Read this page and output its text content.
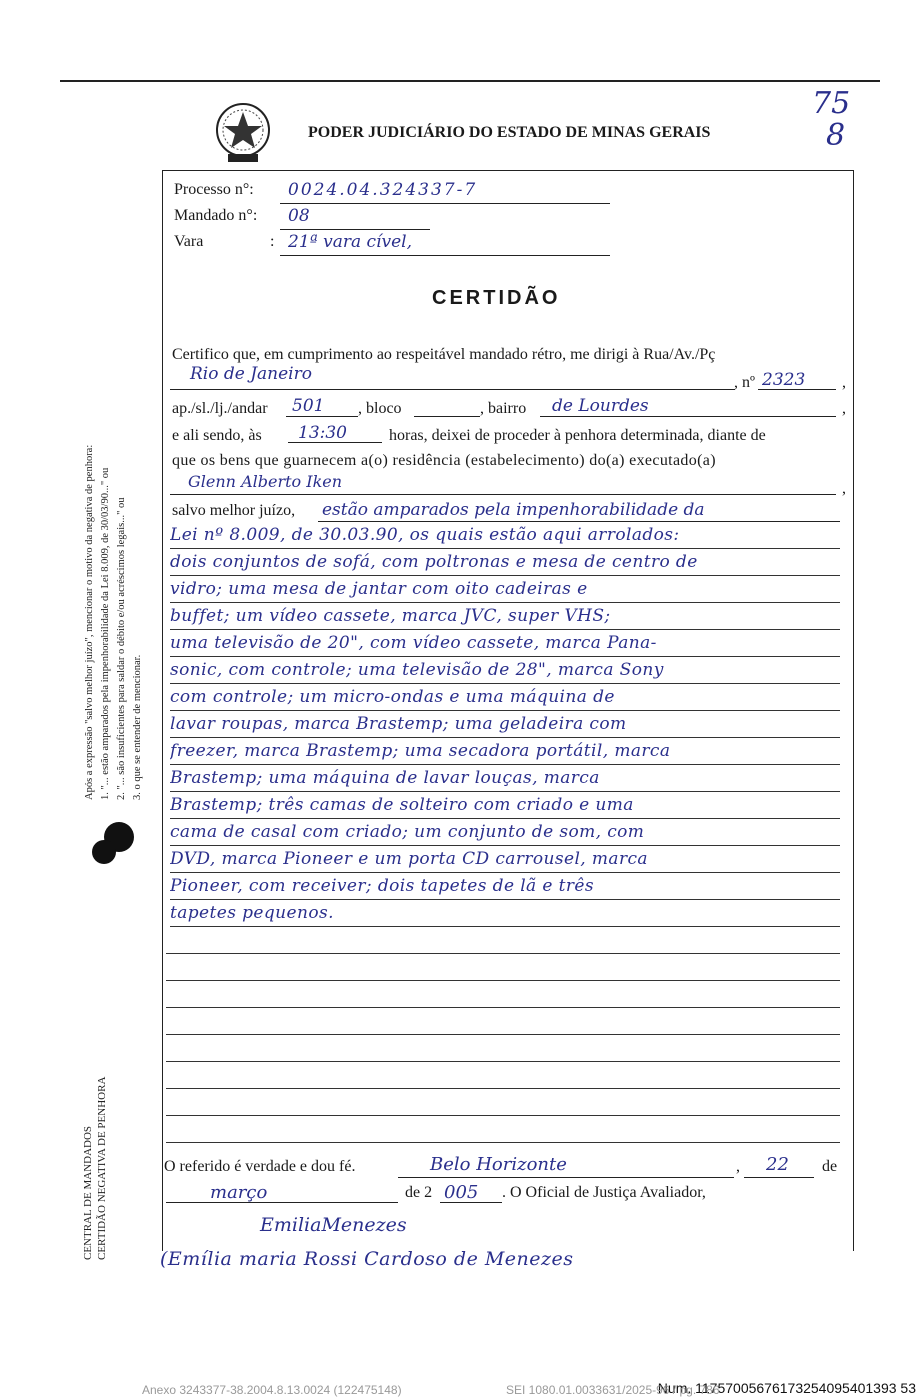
75
8
PODER JUDICIÁRIO DO ESTADO DE MINAS GERAIS
Processo n°: 0024.04.324337-7
Mandado n°: 08
Vara	: 21ª vara cível,
CERTIDÃO
Certifico que, em cumprimento ao respeitável mandado rétro, me dirigi à Rua/Av./Pç
Rio de Janeiro	, nº 2323 ,
ap./sl./lj./andar 501 , bloco	, bairro de Lourdes	,
e ali sendo, às 13:30	horas, deixei de proceder à penhora determinada, diante de
que os bens que guarnecem a(o) residência (estabelecimento) do(a) executado(a)
Glenn Alberto Iken	,
salvo melhor juízo, estão amparados pela impenhorabilidade da
Lei nº 8.009, de 30.03.90, os quais estão aqui arrolados:
dois conjuntos de sofá, com poltronas e mesa de centro de
vidro; uma mesa de jantar com oito cadeiras e
buffet; um vídeo cassete, marca JVC, super VHS;
uma televisão de 20", com vídeo cassete, marca Pana-
sonic, com controle; uma televisão de 28", marca Sony
com controle; um micro-ondas e uma máquina de
lavar roupas, marca Brastemp; uma geladeira com
freezer, marca Brastemp; uma secadora portátil, marca
Brastemp; uma máquina de lavar louças, marca
Brastemp; três camas de solteiro com criado e uma
cama de casal com criado; um conjunto de som, com
DVD, marca Pioneer e um porta CD carrousel, marca
Pioneer, com receiver; dois tapetes de lã e três
tapetes pequenos.
O referido é verdade e dou fé.	Belo Horizonte	, 22 de
março	de 2 005 . O Oficial de Justiça Avaliador,
EmiliaMenezes
(Emília maria Rossi Cardoso de Menezes
Após a expressão "salvo melhor juízo", mencionar o motivo da negativa de penhora: 1. "... estão amparados pela impenhorabilidade da Lei 8.009, de 30/03/90..." ou 2. "... são insuficientes para saldar o débito e/ou acréscimos legais..." ou 3. o que se entender de mencionar.
CENTRAL DE MANDADOS CERTIDÃO NEGATIVA DE PENHORA
Num. 11757005676173254095401393 53
Anexo 3243377-38.2004.8.13.0024 (122475148)	SEI 1080.01.0033631/2025-96 / pg. 786
